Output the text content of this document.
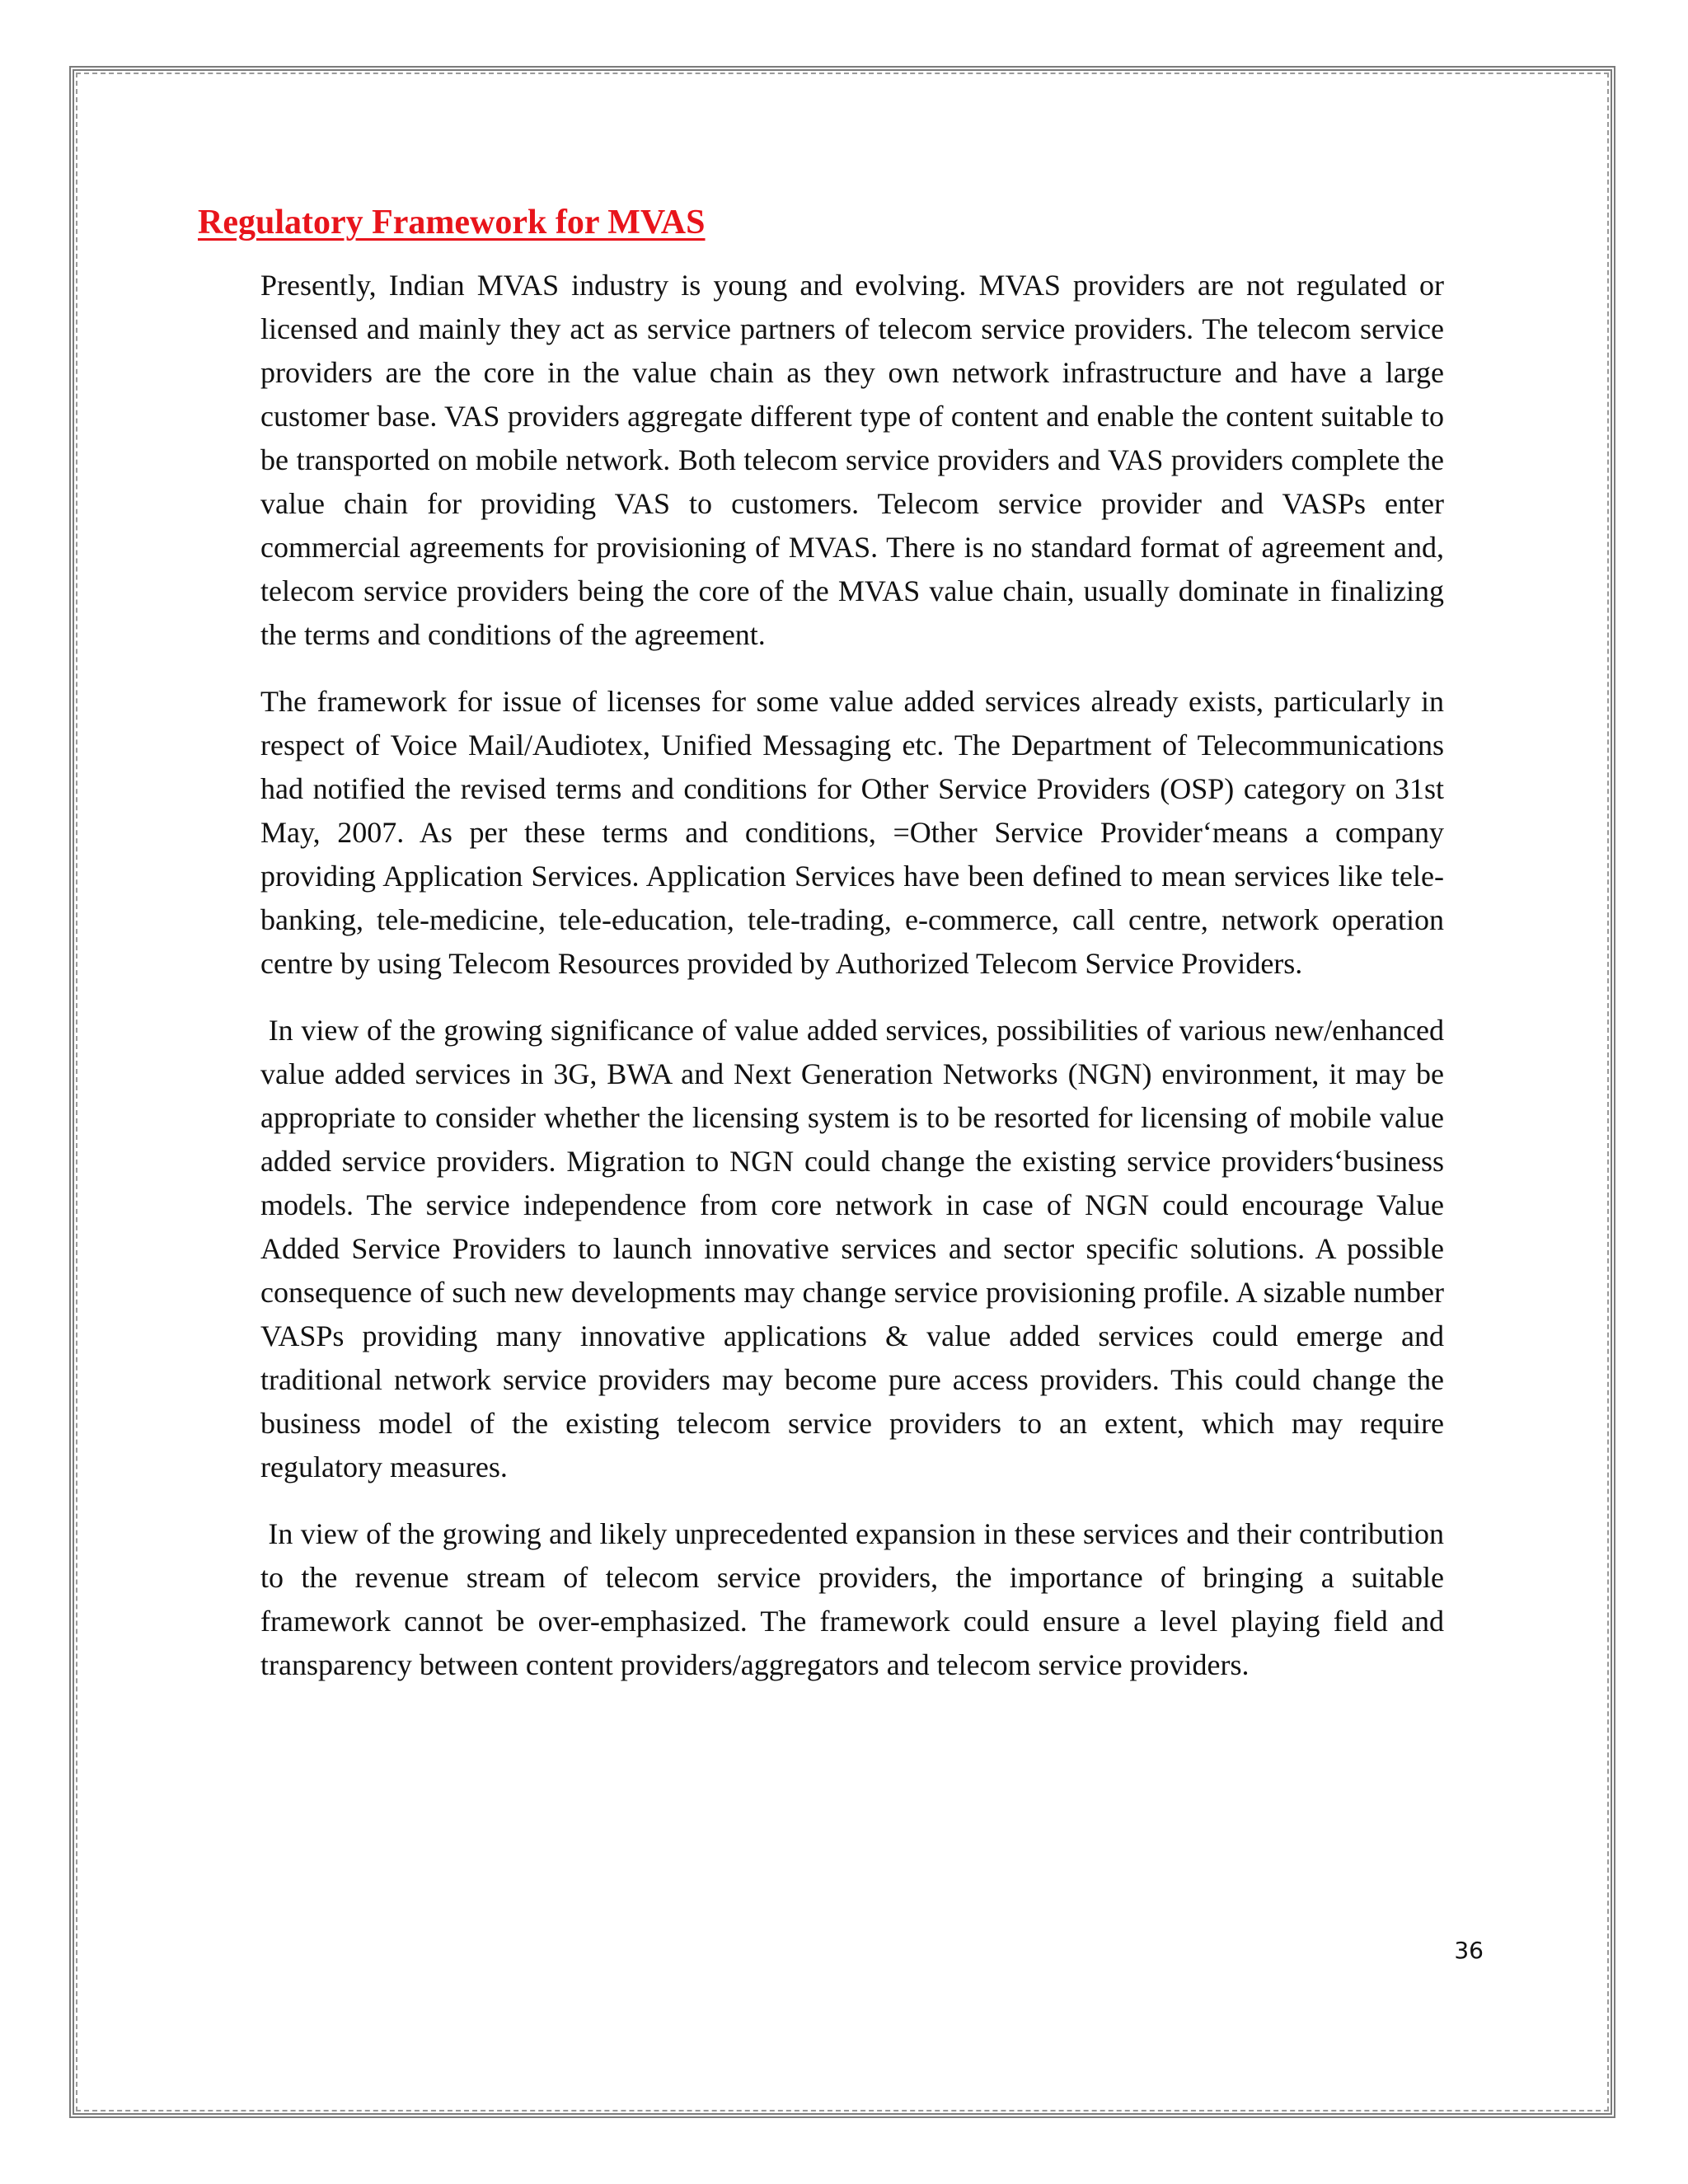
Regulatory Framework for MVAS

Presently, Indian MVAS industry is young and evolving. MVAS providers are not regulated or licensed and mainly they act as service partners of telecom service providers. The telecom service providers are the core in the value chain as they own network infrastructure and have a large customer base. VAS providers aggregate different type of content and enable the content suitable to be transported on mobile network. Both telecom service providers and VAS providers complete the value chain for providing VAS to customers. Telecom service provider and VASPs enter commercial agreements for provisioning of MVAS. There is no standard format of agreement and, telecom service providers being the core of the MVAS value chain, usually dominate in finalizing the terms and conditions of the agreement.

The framework for issue of licenses for some value added services already exists, particularly in respect of Voice Mail/Audiotex, Unified Messaging etc. The Department of Telecommunications had notified the revised terms and conditions for Other Service Providers (OSP) category on 31st May, 2007. As per these terms and conditions, =Other Service Provider‘means a company providing Application Services. Application Services have been defined to mean services like tele-banking, tele-medicine, tele-education, tele-trading, e-commerce, call centre, network operation centre by using Telecom Resources provided by Authorized Telecom Service Providers.

In view of the growing significance of value added services, possibilities of various new/enhanced value added services in 3G, BWA and Next Generation Networks (NGN) environment, it may be appropriate to consider whether the licensing system is to be resorted for licensing of mobile value added service providers. Migration to NGN could change the existing service providers‘business models. The service independence from core network in case of NGN could encourage Value Added Service Providers to launch innovative services and sector specific solutions. A possible consequence of such new developments may change service provisioning profile. A sizable number VASPs providing many innovative applications & value added services could emerge and traditional network service providers may become pure access providers. This could change the business model of the existing telecom service providers to an extent, which may require regulatory measures.

In view of the growing and likely unprecedented expansion in these services and their contribution to the revenue stream of telecom service providers, the importance of bringing a suitable framework cannot be over-emphasized. The framework could ensure a level playing field and transparency between content providers/aggregators and telecom service providers.

36
